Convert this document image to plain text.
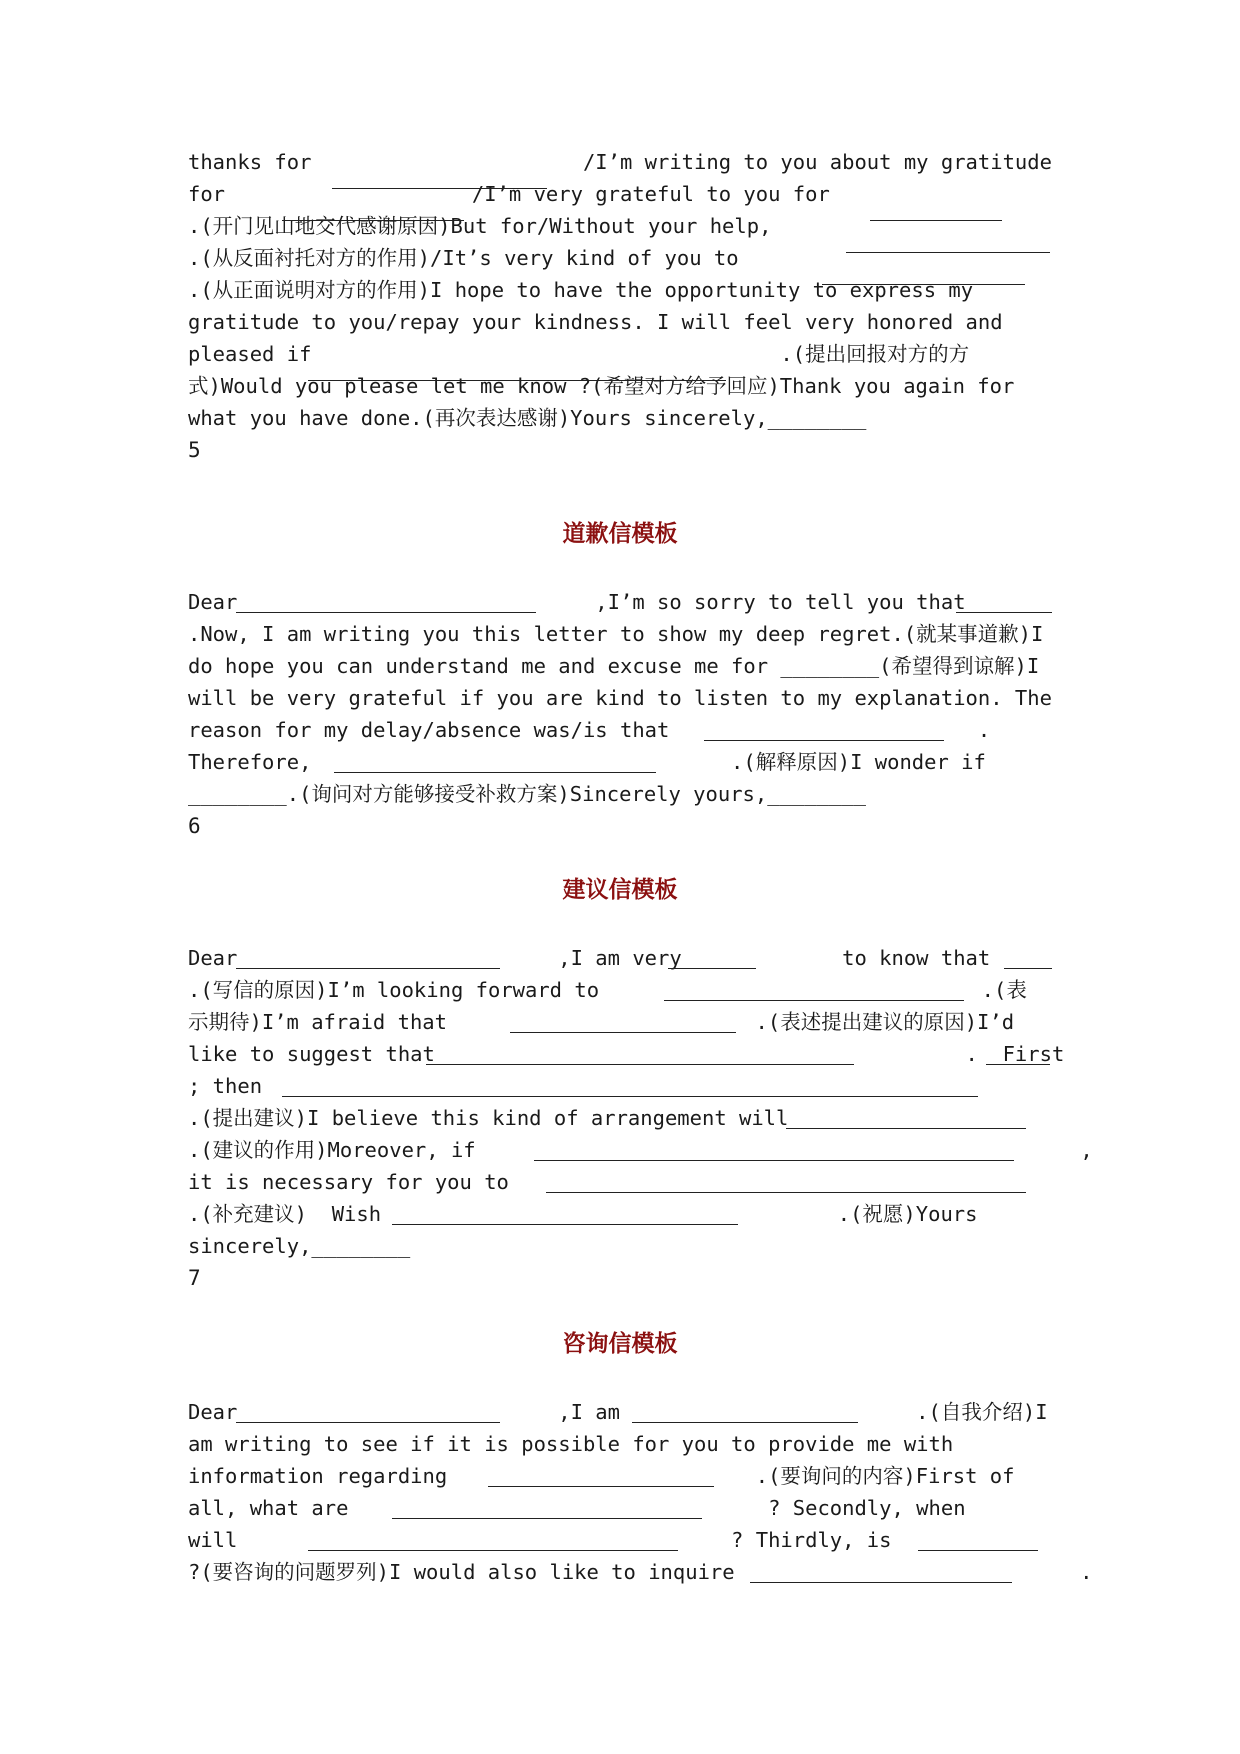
thanks for                      /I’m writing to you about my gratitude
for                    /I’m very grateful to you for
.(开门见山地交代感谢原因)But for/Without your help,
.(从反面衬托对方的作用)/It’s very kind of you to
.(从正面说明对方的作用)I hope to have the opportunity to express my
gratitude to you/repay your kindness. I will feel very honored and
pleased if                                      .(提出回报对方的方
式)Would you please let me know ?(希望对方给予回应)Thank you again for
what you have done.(再次表达感谢)Yours sincerely,________
5
道歉信模板
Dear                             ,I’m so sorry to tell you that
.Now, I am writing you this letter to show my deep regret.(就某事道歉)I
do hope you can understand me and excuse me for ________(希望得到谅解)I
will be very grateful if you are kind to listen to my explanation. The
reason for my delay/absence was/is that                         .
Therefore,                                  .(解释原因)I wonder if
________.(询问对方能够接受补救方案)Sincerely yours,________
6
建议信模板
Dear                          ,I am very             to know that
.(写信的原因)I’m looking forward to                               .(表
示期待)I’m afraid that                         .(表述提出建议的原因)I’d
like to suggest that                                           .  First
; then
.(提出建议)I believe this kind of arrangement will
.(建议的作用)Moreover, if                                                 ,
it is necessary for you to
.(补充建议)  Wish                                     .(祝愿)Yours
sincerely,________
7
咨询信模板
Dear                          ,I am                        .(自我介绍)I
am writing to see if it is possible for you to provide me with
information regarding                         .(要询问的内容)First of
all, what are                                  ? Secondly, when
will                                        ? Thirdly, is
?(要咨询的问题罗列)I would also like to inquire                            .
